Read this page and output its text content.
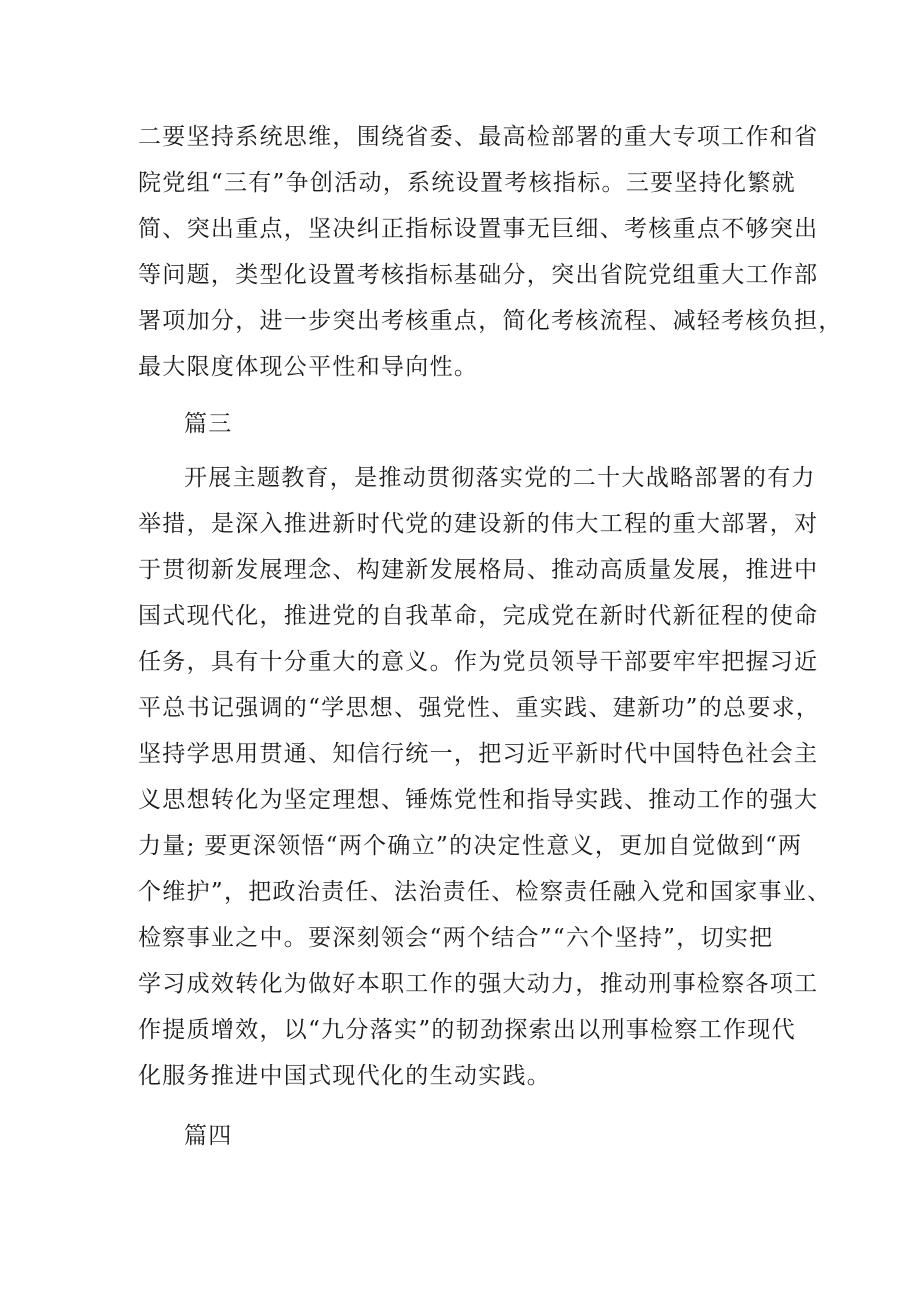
二要坚持系统思维，围绕省委、最高检部署的重大专项工作和省
院党组“三有”争创活动，系统设置考核指标。三要坚持化繁就
简、突出重点，坚决纠正指标设置事无巨细、考核重点不够突出
等问题，类型化设置考核指标基础分，突出省院党组重大工作部
署项加分，进一步突出考核重点，简化考核流程、减轻考核负担，
最大限度体现公平性和导向性。
篇三
开展主题教育，是推动贯彻落实党的二十大战略部署的有力
举措，是深入推进新时代党的建设新的伟大工程的重大部署，对
于贯彻新发展理念、构建新发展格局、推动高质量发展，推进中
国式现代化，推进党的自我革命，完成党在新时代新征程的使命
任务，具有十分重大的意义。作为党员领导干部要牢牢把握习近
平总书记强调的“学思想、强党性、重实践、建新功”的总要求，
坚持学思用贯通、知信行统一，把习近平新时代中国特色社会主
义思想转化为坚定理想、锤炼党性和指导实践、推动工作的强大
力量; 要更深领悟“两个确立”的决定性意义，更加自觉做到“两
个维护”，把政治责任、法治责任、检察责任融入党和国家事业、
检察事业之中。要深刻领会“两个结合”“六个坚持”，切实把
学习成效转化为做好本职工作的强大动力，推动刑事检察各项工
作提质增效，以“九分落实”的韧劲探索出以刑事检察工作现代
化服务推进中国式现代化的生动实践。
篇四
